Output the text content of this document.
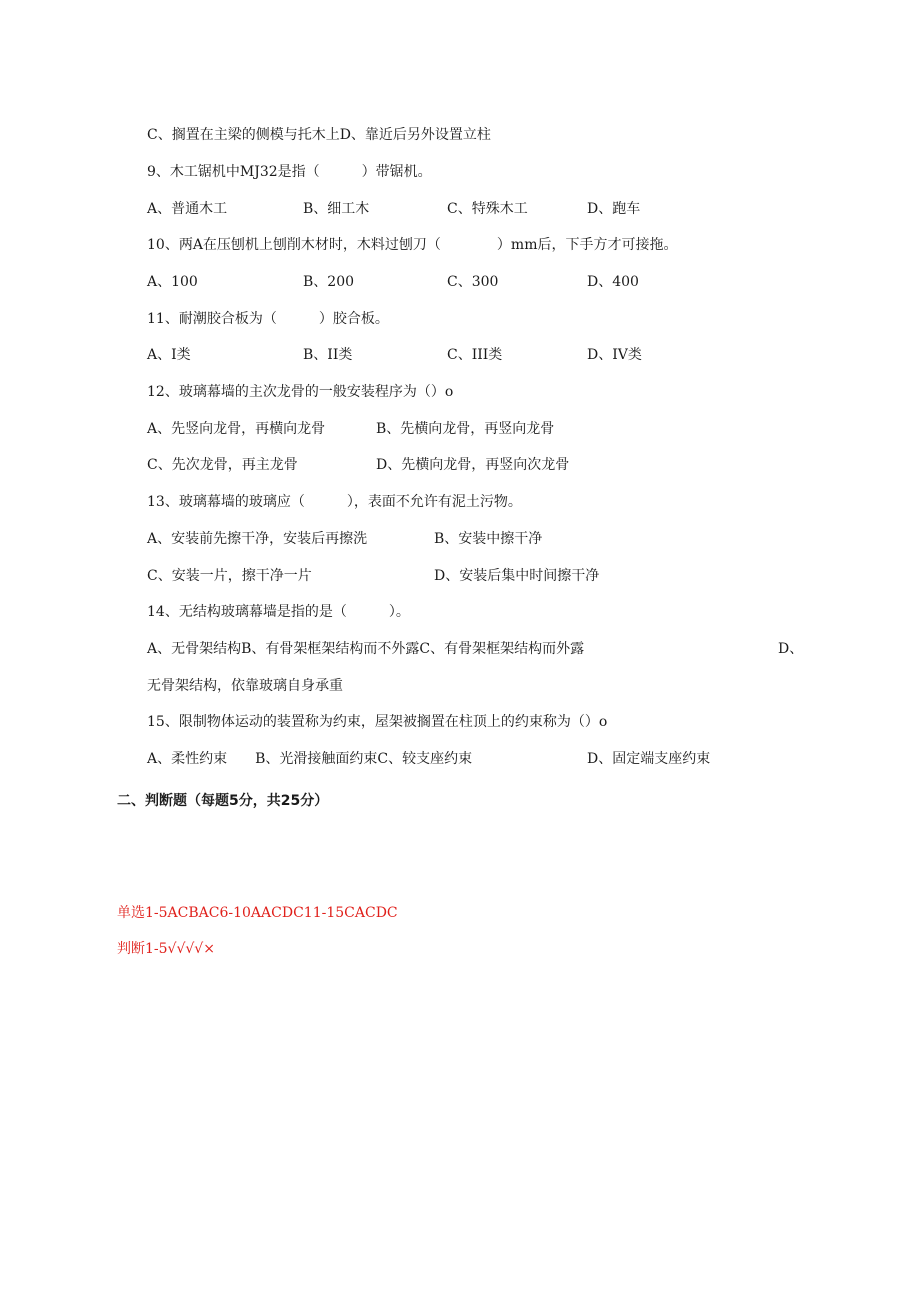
C、搁置在主梁的侧模与托木上D、靠近后另外设置立柱
9、木工锯机中MJ32是指（　　　）带锯机。
A、普通木工	B、细工木	C、特殊木工	D、跑车
10、两A在压刨机上刨削木材时，木料过刨刀（　　　　）mm后，下手方才可接拖。
A、100	B、200	C、300	D、400
11、耐潮胶合板为（　　　）胶合板。
A、I类	B、II类	C、III类	D、IV类
12、玻璃幕墙的主次龙骨的一般安装程序为（）o
A、先竖向龙骨，再横向龙骨	B、先横向龙骨，再竖向龙骨
C、先次龙骨，再主龙骨	D、先横向龙骨，再竖向次龙骨
13、玻璃幕墙的玻璃应（　　　），表面不允许有泥土污物。
A、安装前先擦干净，安装后再擦洗	B、安装中擦干净
C、安装一片，擦干净一片	D、安装后集中时间擦干净
14、无结构玻璃幕墙是指的是（　　　）。
A、无骨架结构B、有骨架框架结构而不外露C、有骨架框架结构而外露	D、
无骨架结构，依靠玻璃自身承重
15、限制物体运动的装置称为约束，屋架被搁置在柱顶上的约束称为（）o
A、柔性约束　　B、光滑接触面约束C、较支座约束	D、固定端支座约束
二、判断题（每题5分，共25分）
单选1-5ACBAC6-10AACDC11-15CACDC
判断1-5√√√√×
